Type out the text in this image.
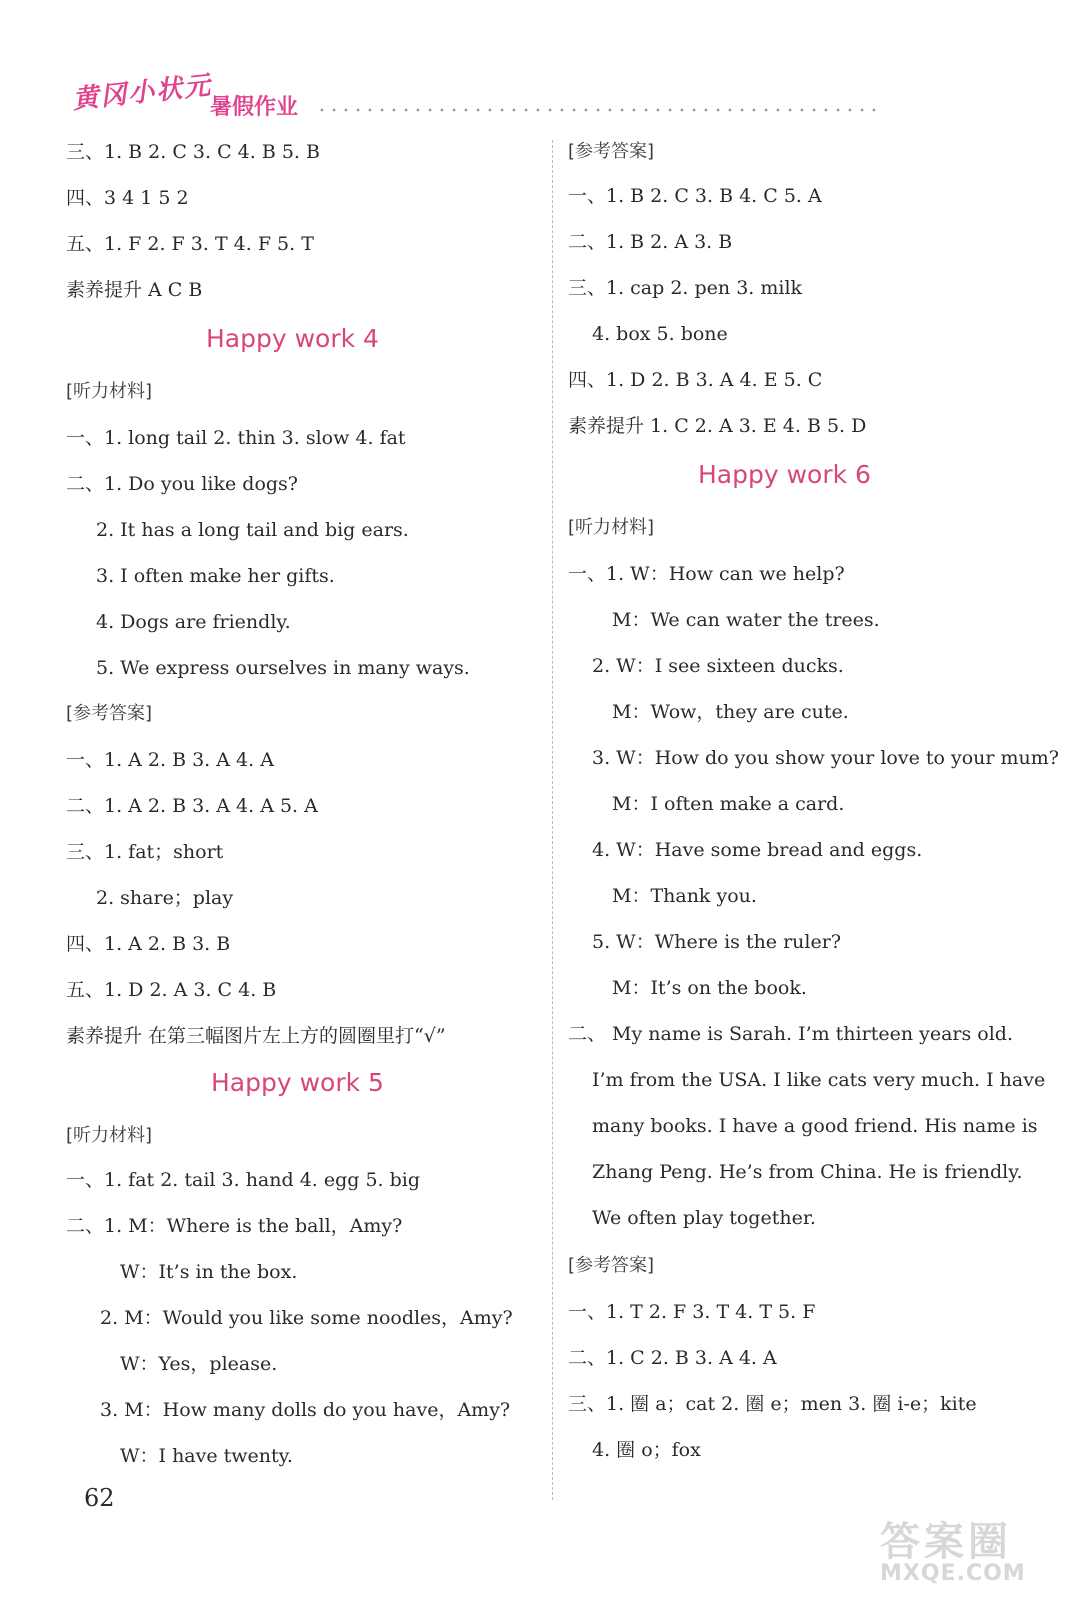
黄冈小状元
暑假作业
三、1. B 2. C 3. C 4. B 5. B
四、3 4 1 5 2
五、1. F 2. F 3. T 4. F 5. T
素养提升 A C B
Happy work 4
[听力材料]
一、1. long tail 2. thin 3. slow 4. fat
二、1. Do you like dogs?
2. It has a long tail and big ears.
3. I often make her gifts.
4. Dogs are friendly.
5. We express ourselves in many ways.
[参考答案]
一、1. A 2. B 3. A 4. A
二、1. A 2. B 3. A 4. A 5. A
三、1. fat；short
2. share；play
四、1. A 2. B 3. B
五、1. D 2. A 3. C 4. B
素养提升 在第三幅图片左上方的圆圈里打“√”
Happy work 5
[听力材料]
一、1. fat 2. tail 3. hand 4. egg 5. big
二、1. M：Where is the ball，Amy?
W：It’s in the box.
2. M：Would you like some noodles，Amy?
W：Yes，please.
3. M：How many dolls do you have，Amy?
W：I have twenty.
[参考答案]
一、1. B 2. C 3. B 4. C 5. A
二、1. B 2. A 3. B
三、1. cap 2. pen 3. milk
4. box 5. bone
四、1. D 2. B 3. A 4. E 5. C
素养提升 1. C 2. A 3. E 4. B 5. D
Happy work 6
[听力材料]
一、1. W：How can we help?
M：We can water the trees.
2. W：I see sixteen ducks.
M：Wow，they are cute.
3. W：How do you show your love to your mum?
M：I often make a card.
4. W：Have some bread and eggs.
M：Thank you.
5. W：Where is the ruler?
M：It’s on the book.
二、 My name is Sarah. I’m thirteen years old.
I’m from the USA. I like cats very much. I have
many books. I have a good friend. His name is
Zhang Peng. He’s from China. He is friendly.
We often play together.
[参考答案]
一、1. T 2. F 3. T 4. T 5. F
二、1. C 2. B 3. A 4. A
三、1. 圈 a；cat 2. 圈 e；men 3. 圈 i-e；kite
4. 圈 o；fox
62
答案圈
MXQE.COM
